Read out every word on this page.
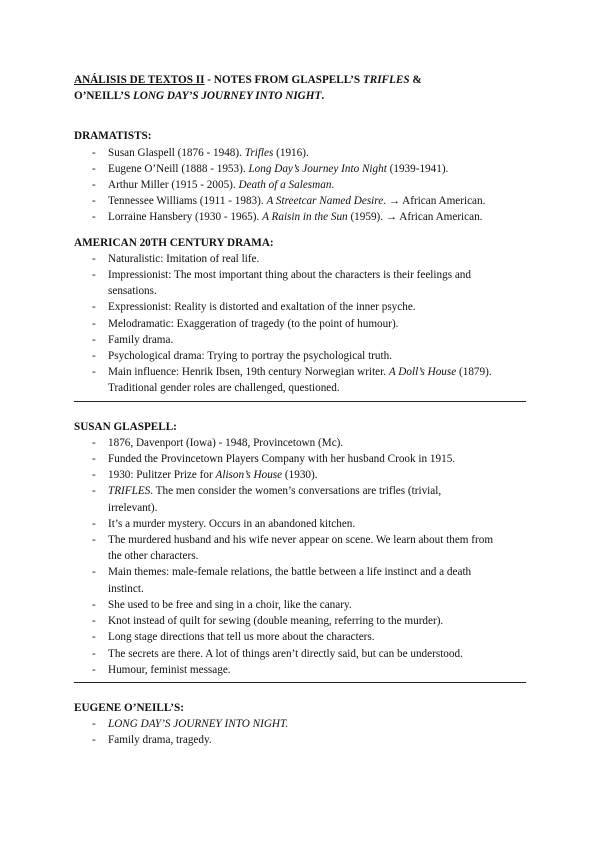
ANÁLISIS DE TEXTOS II - NOTES FROM GLASPELL’S TRIFLES &
O’NEILL’S LONG DAY’S JOURNEY INTO NIGHT.

DRAMATISTS:

- Susan Glaspell (1876 - 1948). Trifles (1916).
- Eugene O’Neill (1888 - 1953). Long Day’s Journey Into Night (1939-1941).
- Arthur Miller (1915 - 2005). Death of a Salesman.
- Tennessee Williams (1911 - 1983). A Streetcar Named Desire. → African American.
- Lorraine Hansbery (1930 - 1965). A Raisin in the Sun (1959). → African American.

AMERICAN 20TH CENTURY DRAMA:

- Naturalistic: Imitation of real life.
- Impressionist: The most important thing about the characters is their feelings and
sensations.
- Expressionist: Reality is distorted and exaltation of the inner psyche.
- Melodramatic: Exaggeration of tragedy (to the point of humour).
- Family drama.
- Psychological drama: Trying to portray the psychological truth.
- Main influence: Henrik Ibsen, 19th century Norwegian writer. A Doll’s House (1879).
Traditional gender roles are challenged, questioned.

SUSAN GLASPELL:

- 1876, Davenport (Iowa) - 1948, Provincetown (Mc).
- Funded the Provincetown Players Company with her husband Crook in 1915.
- 1930: Pulitzer Prize for Alison’s House (1930).
- TRIFLES. The men consider the women’s conversations are trifles (trivial,
irrelevant).
- It’s a murder mystery. Occurs in an abandoned kitchen.
- The murdered husband and his wife never appear on scene. We learn about them from
the other characters.
- Main themes: male-female relations, the battle between a life instinct and a death
instinct.
- She used to be free and sing in a choir, like the canary.
- Knot instead of quilt for sewing (double meaning, referring to the murder).
- Long stage directions that tell us more about the characters.
- The secrets are there. A lot of things aren’t directly said, but can be understood.
- Humour, feminist message.

EUGENE O’NEILL’S:

- LONG DAY’S JOURNEY INTO NIGHT.
- Family drama, tragedy.
